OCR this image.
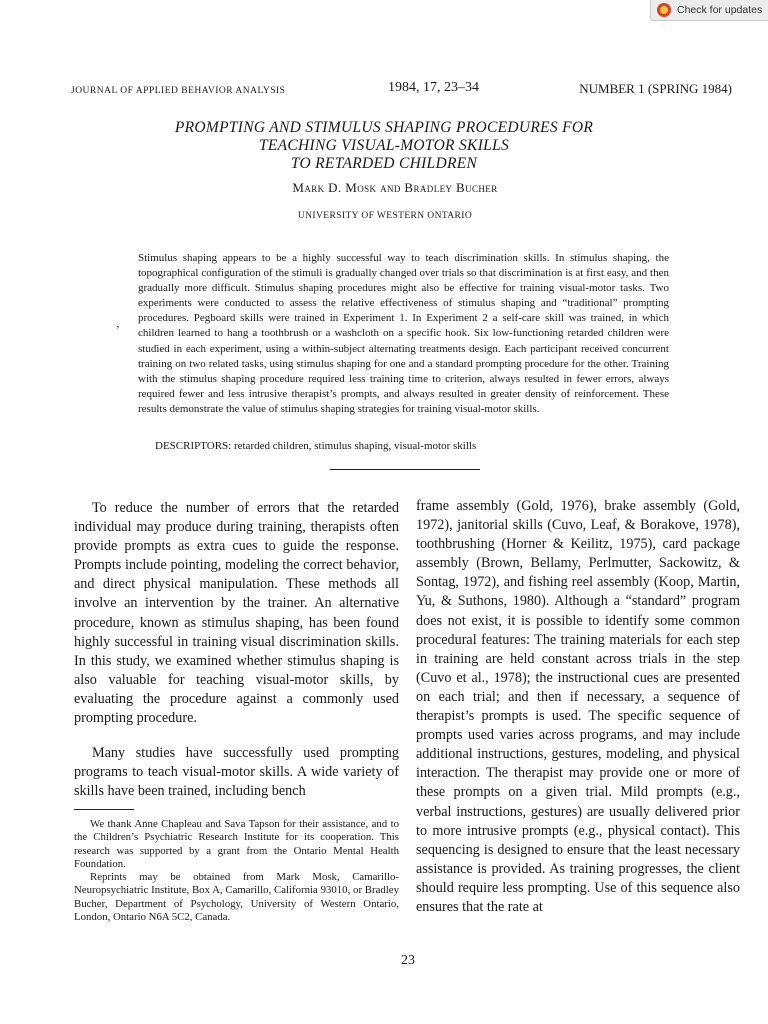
Check for updates
JOURNAL OF APPLIED BEHAVIOR ANALYSIS	1984, 17, 23–34	NUMBER 1 (SPRING 1984)
PROMPTING AND STIMULUS SHAPING PROCEDURES FOR
TEACHING VISUAL-MOTOR SKILLS
TO RETARDED CHILDREN
Mark D. Mosk and Bradley Bucher
UNIVERSITY OF WESTERN ONTARIO
ʼ

Stimulus shaping appears to be a highly successful way to teach discrimination skills. In stimulus shaping, the topographical configuration of the stimuli is gradually changed over trials so that discrimination is at first easy, and then gradually more difficult. Stimulus shaping procedures might also be effective for training visual-motor tasks. Two experiments were conducted to assess the relative effectiveness of stimulus shaping and “traditional” prompting procedures. Pegboard skills were trained in Experiment 1. In Experiment 2 a self-care skill was trained, in which children learned to hang a toothbrush or a washcloth on a specific hook. Six low-functioning retarded children were studied in each experiment, using a within-subject alternating treatments design. Each participant received concurrent training on two related tasks, using stimulus shaping for one and a standard prompting procedure for the other. Training with the stimulus shaping procedure required less training time to criterion, always resulted in fewer errors, always required fewer and less intrusive therapist’s prompts, and always resulted in greater density of reinforcement. These results demonstrate the value of stimulus shaping strategies for training visual-motor skills.

DESCRIPTORS: retarded children, stimulus shaping, visual-motor skills

To reduce the number of errors that the retarded individual may produce during training, therapists often provide prompts as extra cues to guide the response. Prompts include pointing, modeling the correct behavior, and direct physical manipulation. These methods all involve an intervention by the trainer. An alternative procedure, known as stimulus shaping, has been found highly successful in training visual discrimination skills. In this study, we examined whether stimulus shaping is also valuable for teaching visual-motor skills, by evaluating the procedure against a commonly used prompting procedure.

Many studies have successfully used prompting programs to teach visual-motor skills. A wide variety of skills have been trained, including bench

frame assembly (Gold, 1976), brake assembly (Gold, 1972), janitorial skills (Cuvo, Leaf, & Borakove, 1978), toothbrushing (Horner & Keilitz, 1975), card package assembly (Brown, Bellamy, Perlmutter, Sackowitz, & Sontag, 1972), and fishing reel assembly (Koop, Martin, Yu, & Suthons, 1980). Although a “standard” program does not exist, it is possible to identify some common procedural features: The training materials for each step in training are held constant across trials in the step (Cuvo et al., 1978); the instructional cues are presented on each trial; and then if necessary, a sequence of therapist’s prompts is used. The specific sequence of prompts used varies across programs, and may include additional instructions, gestures, modeling, and physical interaction. The therapist may provide one or more of these prompts on a given trial. Mild prompts (e.g., verbal instructions, gestures) are usually delivered prior to more intrusive prompts (e.g., physical contact). This sequencing is designed to ensure that the least necessary assistance is provided. As training progresses, the client should require less prompting. Use of this sequence also ensures that the rate at

We thank Anne Chapleau and Sava Tapson for their assistance, and to the Children’s Psychiatric Research Institute for its cooperation. This research was supported by a grant from the Ontario Mental Health Foundation.

Reprints may be obtained from Mark Mosk, Camarillo-Neuropsychiatric Institute, Box A, Camarillo, California 93010, or Bradley Bucher, Department of Psychology, University of Western Ontario, London, Ontario N6A 5C2, Canada.

23
